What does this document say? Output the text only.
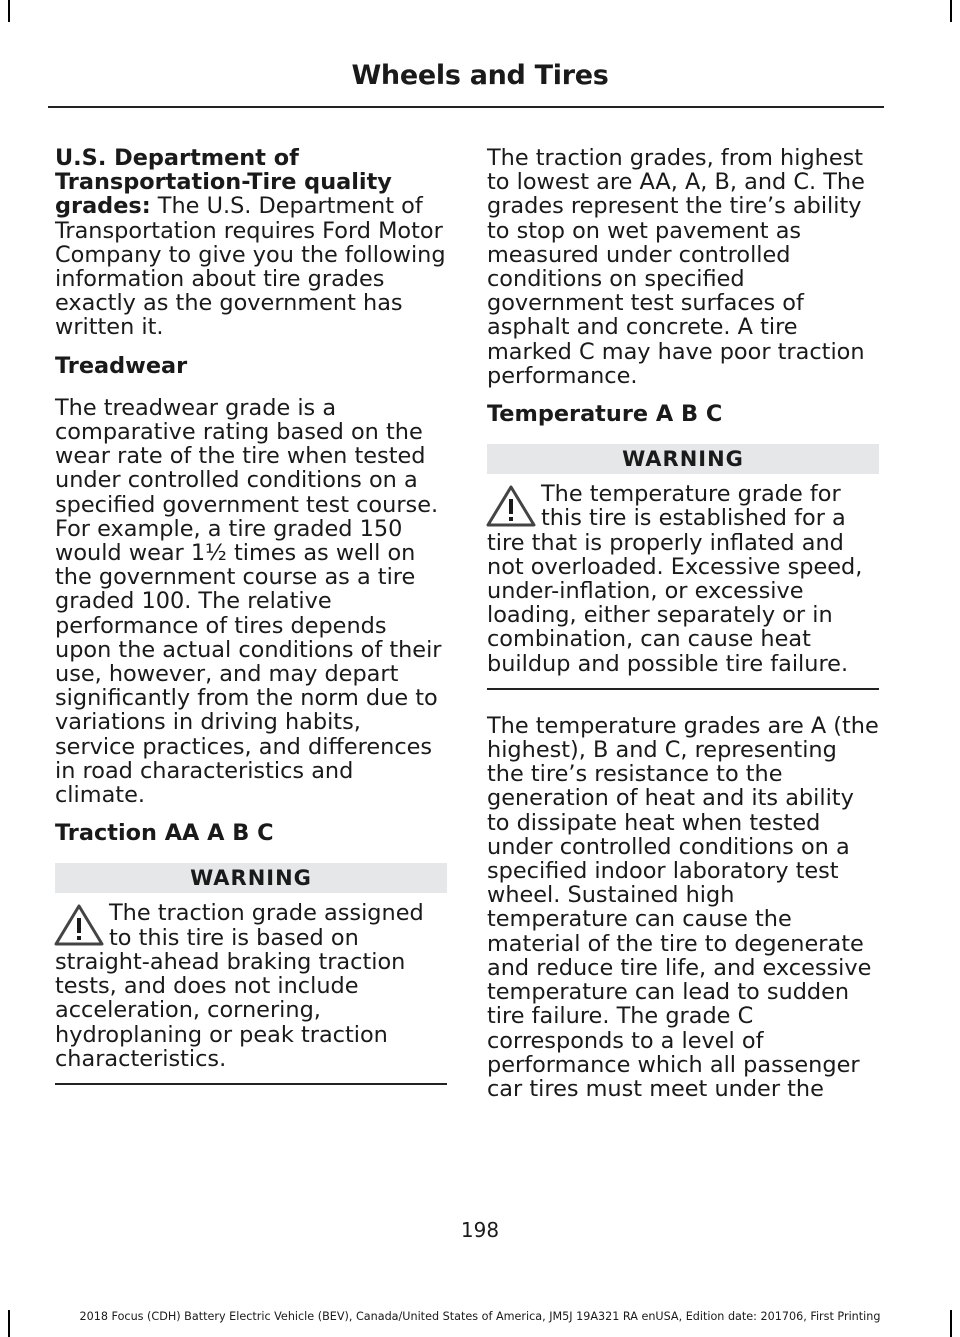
Wheels and Tires

U.S. Department of Transportation-Tire quality grades: The U.S. Department of Transportation requires Ford Motor Company to give you the following information about tire grades exactly as the government has written it.

Treadwear

The treadwear grade is a comparative rating based on the wear rate of the tire when tested under controlled conditions on a specified government test course. For example, a tire graded 150 would wear 1½ times as well on the government course as a tire graded 100. The relative performance of tires depends upon the actual conditions of their use, however, and may depart significantly from the norm due to variations in driving habits, service practices, and differences in road characteristics and climate.

Traction AA A B C

WARNING

The traction grade assigned to this tire is based on straight-ahead braking traction tests, and does not include acceleration, cornering, hydroplaning or peak traction characteristics.

The traction grades, from highest to lowest are AA, A, B, and C. The grades represent the tire’s ability to stop on wet pavement as measured under controlled conditions on specified government test surfaces of asphalt and concrete. A tire marked C may have poor traction performance.

Temperature A B C

WARNING

The temperature grade for this tire is established for a tire that is properly inflated and not overloaded. Excessive speed, under-inflation, or excessive loading, either separately or in combination, can cause heat buildup and possible tire failure.

The temperature grades are A (the highest), B and C, representing the tire’s resistance to the generation of heat and its ability to dissipate heat when tested under controlled conditions on a specified indoor laboratory test wheel. Sustained high temperature can cause the material of the tire to degenerate and reduce tire life, and excessive temperature can lead to sudden tire failure. The grade C corresponds to a level of performance which all passenger car tires must meet under the

198
2018 Focus (CDH) Battery Electric Vehicle (BEV), Canada/United States of America, JM5J 19A321 RA enUSA, Edition date: 201706, First Printing
